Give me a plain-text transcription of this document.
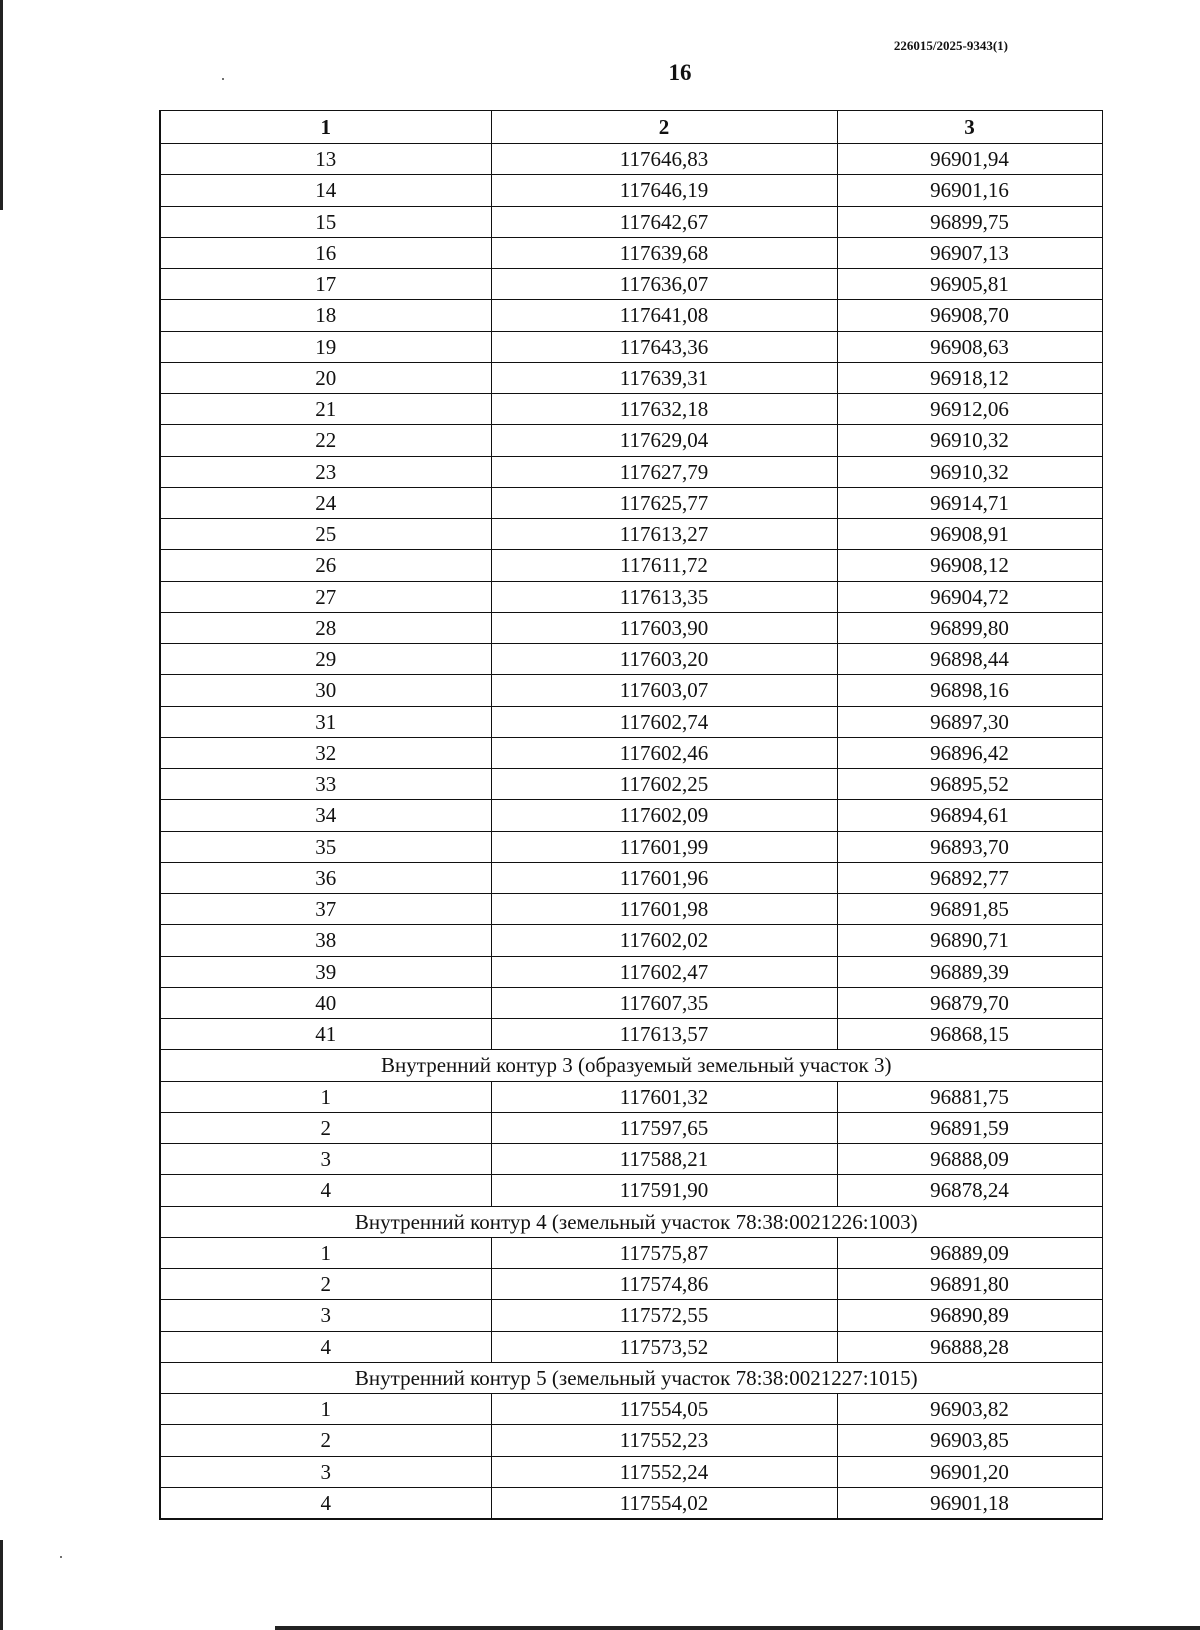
226015/2025-9343(1)
16
1	2	3
13	117646,83	96901,94
14	117646,19	96901,16
15	117642,67	96899,75
16	117639,68	96907,13
17	117636,07	96905,81
18	117641,08	96908,70
19	117643,36	96908,63
20	117639,31	96918,12
21	117632,18	96912,06
22	117629,04	96910,32
23	117627,79	96910,32
24	117625,77	96914,71
25	117613,27	96908,91
26	117611,72	96908,12
27	117613,35	96904,72
28	117603,90	96899,80
29	117603,20	96898,44
30	117603,07	96898,16
31	117602,74	96897,30
32	117602,46	96896,42
33	117602,25	96895,52
34	117602,09	96894,61
35	117601,99	96893,70
36	117601,96	96892,77
37	117601,98	96891,85
38	117602,02	96890,71
39	117602,47	96889,39
40	117607,35	96879,70
41	117613,57	96868,15
Внутренний контур 3 (образуемый земельный участок 3)		
1	117601,32	96881,75
2	117597,65	96891,59
3	117588,21	96888,09
4	117591,90	96878,24
Внутренний контур 4 (земельный участок 78:38:0021226:1003)		
1	117575,87	96889,09
2	117574,86	96891,80
3	117572,55	96890,89
4	117573,52	96888,28
Внутренний контур 5 (земельный участок 78:38:0021227:1015)		
1	117554,05	96903,82
2	117552,23	96903,85
3	117552,24	96901,20
4	117554,02	96901,18
